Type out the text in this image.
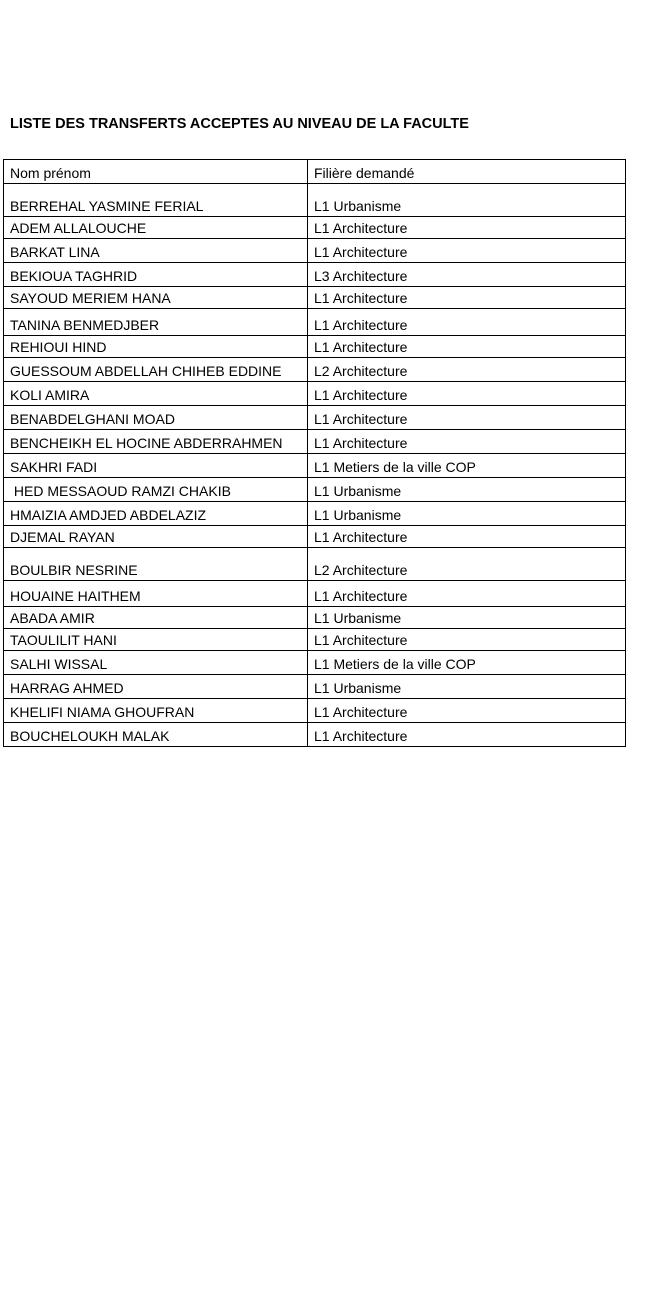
LISTE DES TRANSFERTS ACCEPTES AU NIVEAU DE LA FACULTE
Nom prénom	Filière demandé
BERREHAL YASMINE FERIAL	L1 Urbanisme
ADEM ALLALOUCHE	L1 Architecture
BARKAT LINA	L1 Architecture
BEKIOUA TAGHRID	L3 Architecture
SAYOUD MERIEM HANA	L1 Architecture
TANINA BENMEDJBER	L1 Architecture
REHIOUI HIND	L1 Architecture
GUESSOUM ABDELLAH CHIHEB EDDINE	L2 Architecture
KOLI AMIRA	L1 Architecture
BENABDELGHANI MOAD	L1 Architecture
BENCHEIKH EL HOCINE ABDERRAHMEN	L1 Architecture
SAKHRI FADI	L1 Metiers de la ville COP
HED MESSAOUD RAMZI CHAKIB	L1 Urbanisme
HMAIZIA AMDJED ABDELAZIZ	L1 Urbanisme
DJEMAL RAYAN	L1 Architecture
BOULBIR NESRINE	L2 Architecture
HOUAINE HAITHEM	L1 Architecture
ABADA AMIR	L1 Urbanisme
TAOULILIT HANI	L1 Architecture
SALHI WISSAL	L1 Metiers de la ville COP
HARRAG AHMED	L1 Urbanisme
KHELIFI NIAMA GHOUFRAN	L1 Architecture
BOUCHELOUKH MALAK	L1 Architecture
